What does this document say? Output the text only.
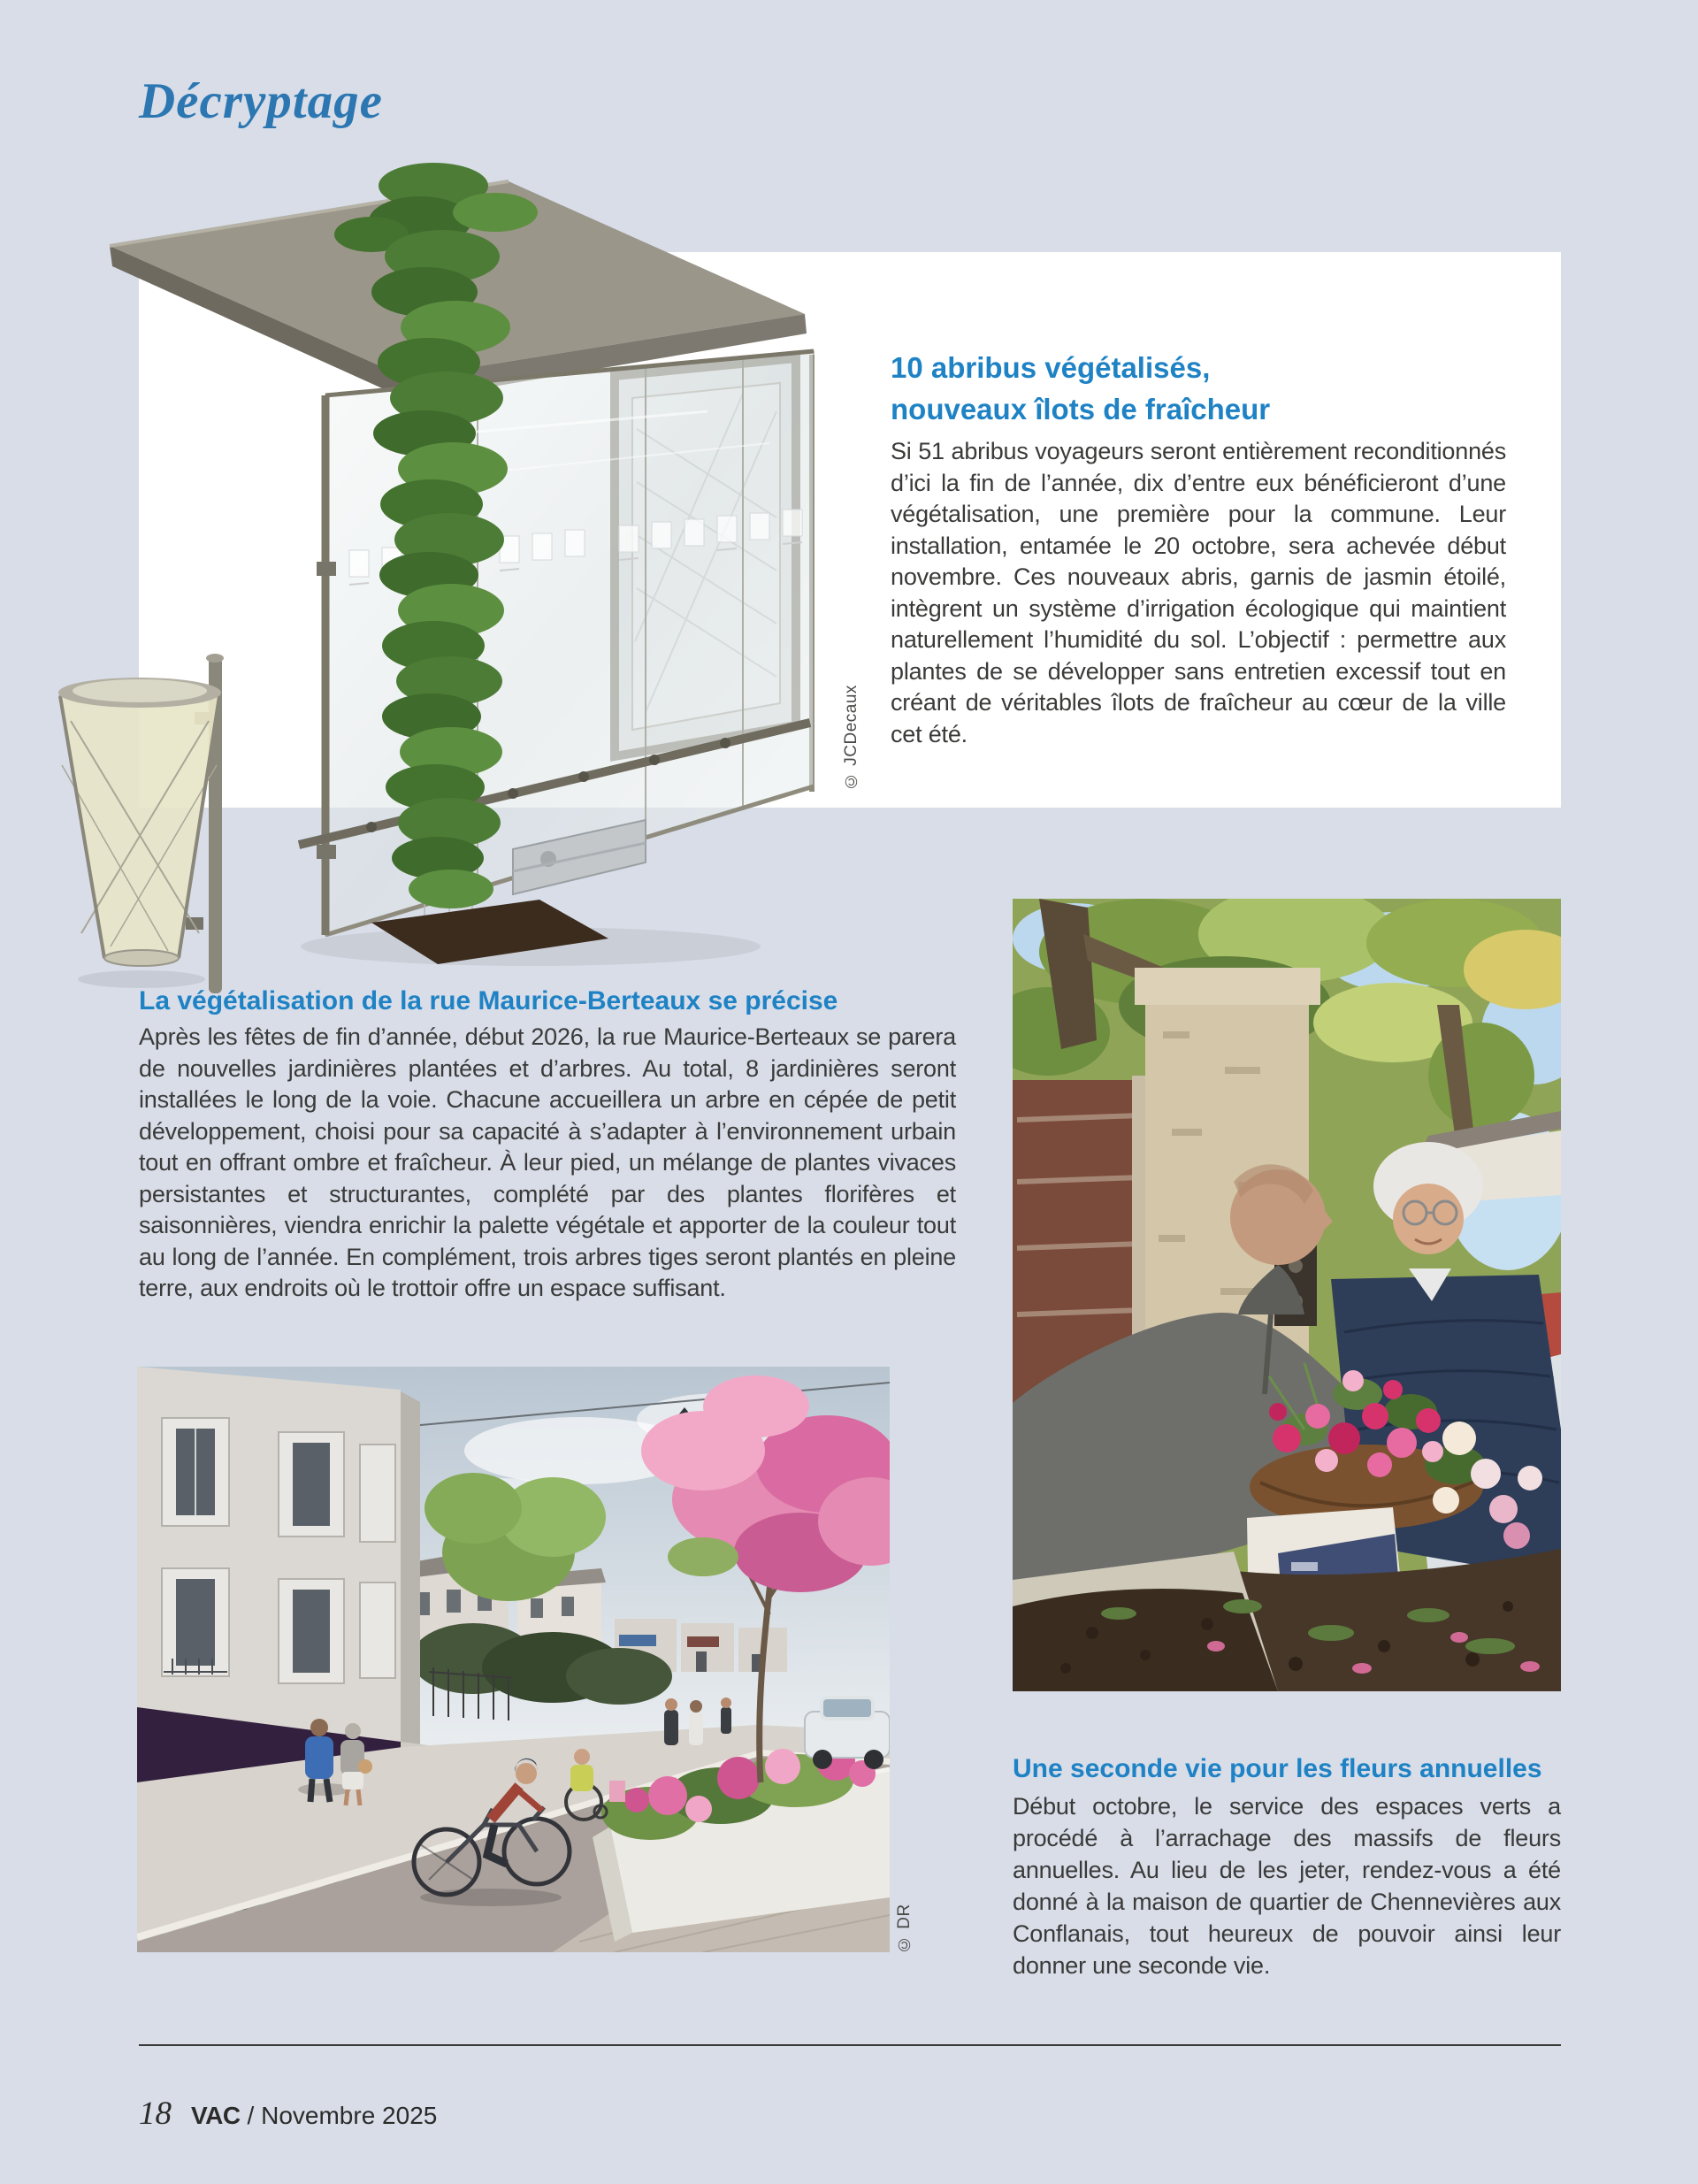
Décryptage
© JCDecaux
10 abribus végétalisés,
nouveaux îlots de fraîcheur
Si 51 abribus voyageurs seront entièrement reconditionnés d’ici la fin de l’année, dix d’entre eux bénéficieront d’une végétalisation, une première pour la commune. Leur installation, entamée le 20 octobre, sera achevée début novembre. Ces nouveaux abris, garnis de jasmin étoilé, intègrent un système d’irrigation écologique qui maintient naturellement l’humidité du sol. L’objectif : permettre aux plantes de se développer sans entretien excessif tout en créant de véritables îlots de fraîcheur au cœur de la ville cet été.
La végétalisation de la rue Maurice-Berteaux se précise
Après les fêtes de fin d’année, début 2026, la rue Maurice-Berteaux se parera de nouvelles jardinières plantées et d’arbres. Au total, 8 jardinières seront installées le long de la voie. Chacune accueillera un arbre en cépée de petit développement, choisi pour sa capacité à s’adapter à l’environnement urbain tout en offrant ombre et fraîcheur. À leur pied, un mélange de plantes vivaces persistantes et structurantes, complété par des plantes florifères et saisonnières, viendra enrichir la palette végétale et apporter de la couleur tout au long de l’année. En complément, trois arbres tiges seront plantés en pleine terre, aux endroits où le trottoir offre un espace suffisant.
© DR
Une seconde vie pour les fleurs annuelles
Début octobre, le service des espaces verts a procédé à l’arrachage des massifs de fleurs annuelles. Au lieu de les jeter, rendez-vous a été donné à la maison de quartier de Chennevières aux Conflanais, tout heureux de pouvoir ainsi leur donner une seconde vie.
18 VAC / Novembre 2025
